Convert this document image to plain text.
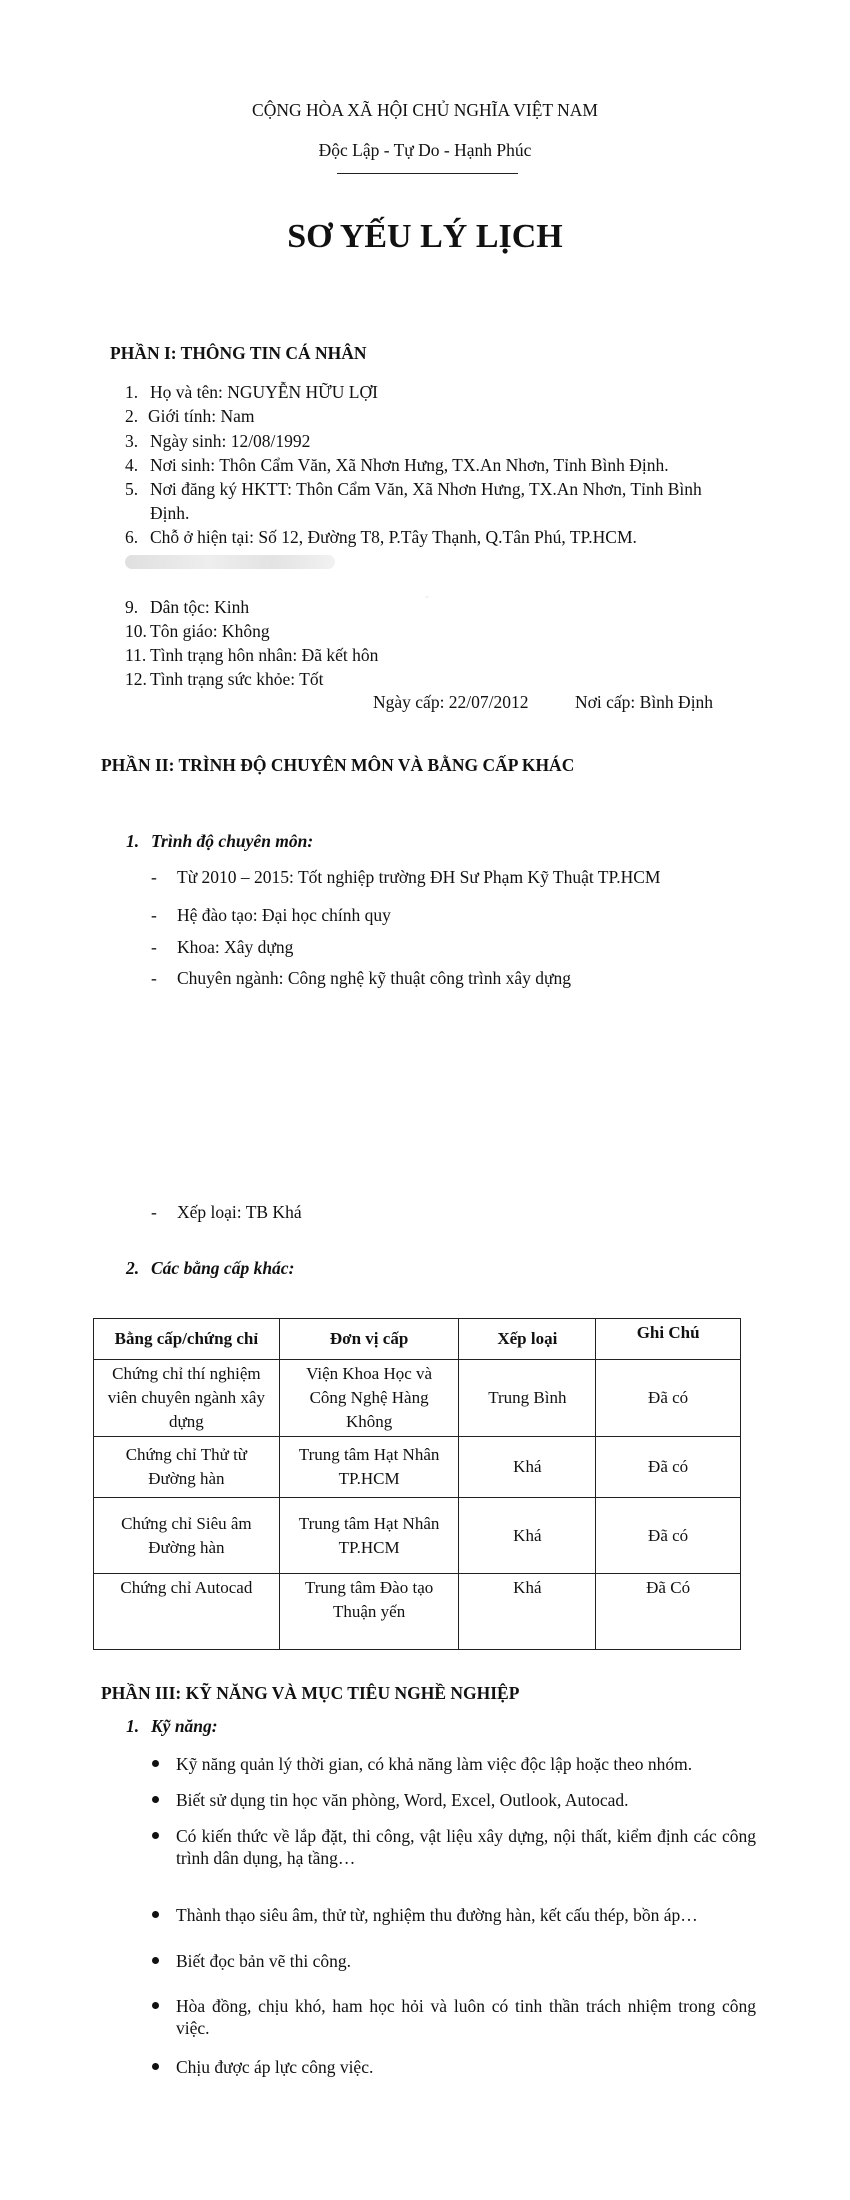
CỘNG HÒA XÃ HỘI CHỦ NGHĨA VIỆT NAM
Độc Lập - Tự Do - Hạnh Phúc
SƠ YẾU LÝ LỊCH
PHẦN I: THÔNG TIN CÁ NHÂN
1. Họ và tên: NGUYỄN HỮU LỢI
2. Giới tính: Nam
3. Ngày sinh: 12/08/1992
4. Nơi sinh: Thôn Cẩm Văn, Xã Nhơn Hưng, TX.An Nhơn, Tỉnh Bình Định.
5. Nơi đăng ký HKTT: Thôn Cẩm Văn, Xã Nhơn Hưng, TX.An Nhơn, Tỉnh Bình
Định.
6. Chỗ ở hiện tại: Số 12, Đường T8, P.Tây Thạnh, Q.Tân Phú, TP.HCM.
9. Dân tộc: Kinh
10. Tôn giáo: Không
11. Tình trạng hôn nhân: Đã kết hôn
12. Tình trạng sức khỏe: Tốt
Ngày cấp: 22/07/2012	Nơi cấp: Bình Định
PHẦN II: TRÌNH ĐỘ CHUYÊN MÔN VÀ BẰNG CẤP KHÁC
1. Trình độ chuyên môn:
- Từ 2010 – 2015: Tốt nghiệp trường ĐH Sư Phạm Kỹ Thuật TP.HCM
- Hệ đào tạo: Đại học chính quy
- Khoa: Xây dựng
- Chuyên ngành: Công nghệ kỹ thuật công trình xây dựng
- Xếp loại: TB Khá
2. Các bằng cấp khác:
Bằng cấp/chứng chỉ	Đơn vị cấp	Xếp loại	Ghi Chú
Chứng chỉ thí nghiệm viên chuyên ngành xây dựng	Viện Khoa Học và Công Nghệ Hàng Không	Trung Bình	Đã có
Chứng chỉ Thử từ Đường hàn	Trung tâm Hạt Nhân TP.HCM	Khá	Đã có
Chứng chỉ Siêu âm Đường hàn	Trung tâm Hạt Nhân TP.HCM	Khá	Đã có
Chứng chỉ Autocad	Trung tâm Đào tạo Thuận yến	Khá	Đã Có
PHẦN III: KỸ NĂNG VÀ MỤC TIÊU NGHỀ NGHIỆP
1. Kỹ năng:
Kỹ năng quản lý thời gian, có khả năng làm việc độc lập hoặc theo nhóm.
Biết sử dụng tin học văn phòng, Word, Excel, Outlook, Autocad.
Có kiến thức về lắp đặt, thi công, vật liệu xây dựng, nội thất, kiểm định các công trình dân dụng, hạ tầng…
Thành thạo siêu âm, thử từ, nghiệm thu đường hàn, kết cấu thép, bồn áp…
Biết đọc bản vẽ thi công.
Hòa đồng, chịu khó, ham học hỏi và luôn có tinh thần trách nhiệm trong công việc.
Chịu được áp lực công việc.
